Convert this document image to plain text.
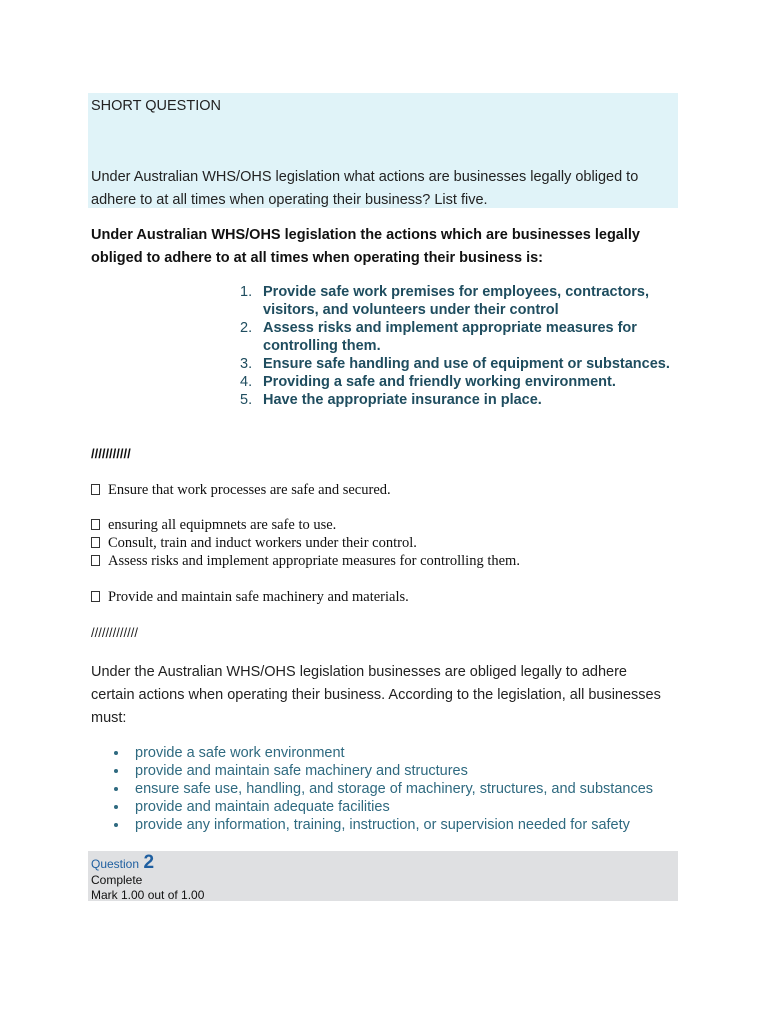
SHORT QUESTION
Under Australian WHS/OHS legislation what actions are businesses legally obliged to adhere to at all times when operating their business? List five.
Under Australian WHS/OHS legislation the actions which are businesses legally obliged to adhere to at all times when operating their business is:
1. Provide safe work premises for employees, contractors, visitors, and volunteers under their control
2. Assess risks and implement appropriate measures for controlling them.
3. Ensure safe handling and use of equipment or substances.
4. Providing a safe and friendly working environment.
5. Have the appropriate insurance in place.
///////////
Ensure that work processes are safe and secured.
ensuring all equipmnets are safe to use.
Consult, train and induct workers under their control.
Assess risks and implement appropriate measures for controlling them.
Provide and maintain safe machinery and materials.
/////////////
Under the Australian WHS/OHS legislation businesses are obliged legally to adhere certain actions when operating their business. According to the legislation, all businesses must:
provide a safe work environment
provide and maintain safe machinery and structures
ensure safe use, handling, and storage of machinery, structures, and substances
provide and maintain adequate facilities
provide any information, training, instruction, or supervision needed for safety
Question 2
Complete
Mark 1.00 out of 1.00
